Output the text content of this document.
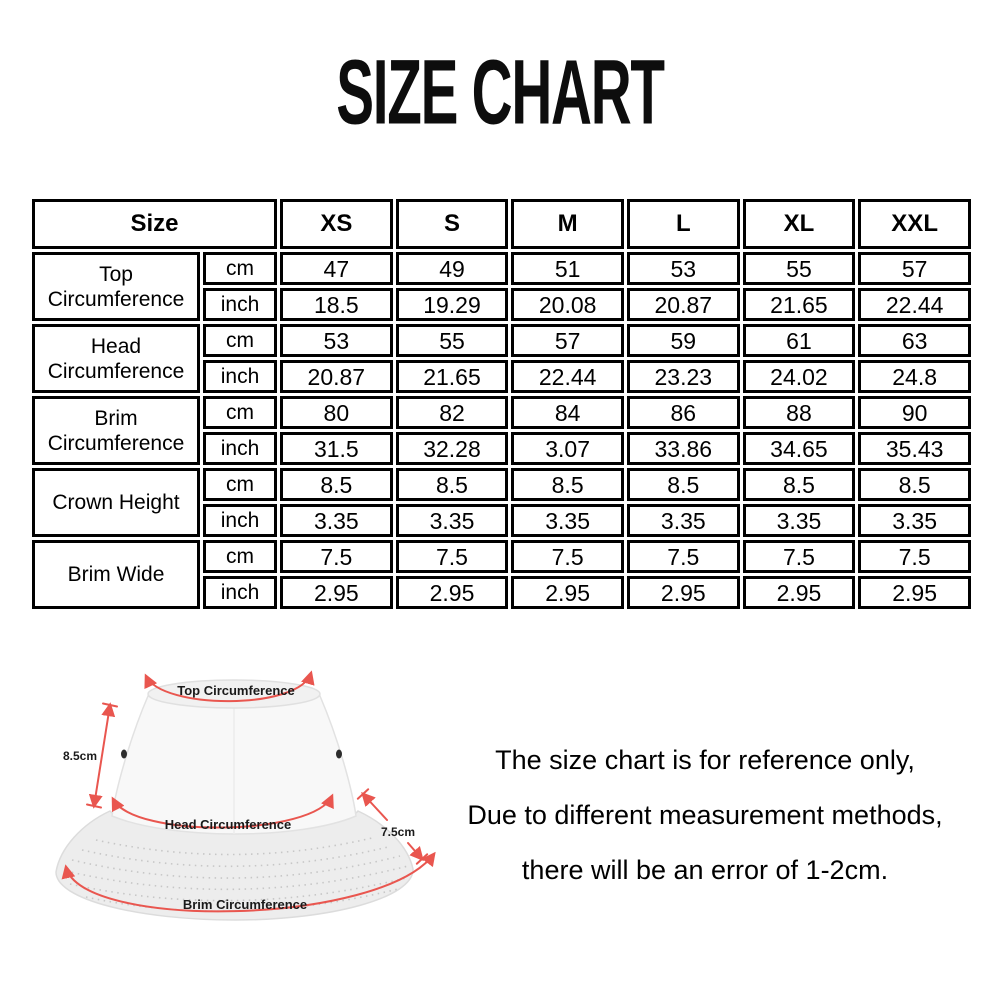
SIZE CHART
Size		XS	S	M	L	XL	XXL
Top Circumference	cm	47	49	51	53	55	57
	inch	18.5	19.29	20.08	20.87	21.65	22.44
Head Circumference	cm	53	55	57	59	61	63
	inch	20.87	21.65	22.44	23.23	24.02	24.8
Brim Circumference	cm	80	82	84	86	88	90
	inch	31.5	32.28	3.07	33.86	34.65	35.43
Crown Height	cm	8.5	8.5	8.5	8.5	8.5	8.5
	inch	3.35	3.35	3.35	3.35	3.35	3.35
Brim Wide	cm	7.5	7.5	7.5	7.5	7.5	7.5
	inch	2.95	2.95	2.95	2.95	2.95	2.95
Top Circumference
8.5cm
Head Circumference	7.5cm
Brim Circumference
The size chart is for reference only,
Due to different measurement methods,
there will be an error of 1-2cm.
